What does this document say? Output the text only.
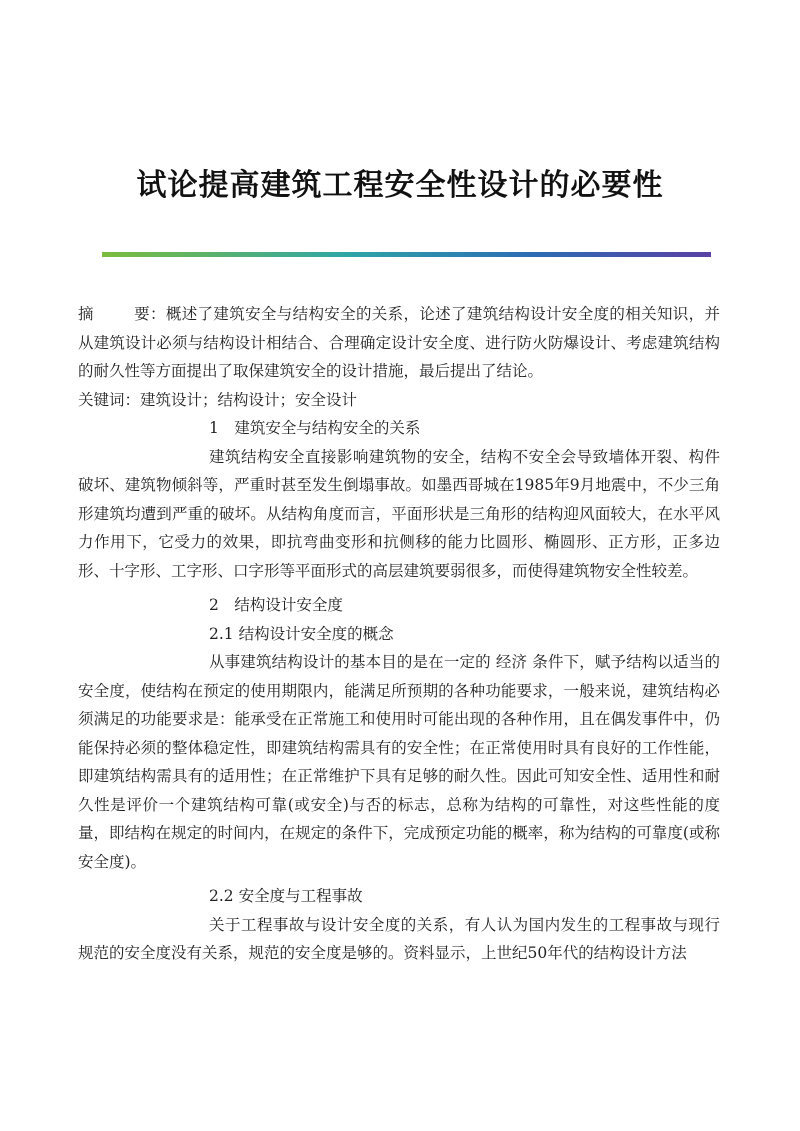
试论提高建筑工程安全性设计的必要性

摘	要：概述了建筑安全与结构安全的关系，论述了建筑结构设计安全度的相关知识，并从建筑设计必须与结构设计相结合、合理确定设计安全度、进行防火防爆设计、考虑建筑结构的耐久性等方面提出了取保建筑安全的设计措施，最后提出了结论。

关键词：建筑设计；结构设计；安全设计

1　建筑安全与结构安全的关系

建筑结构安全直接影响建筑物的安全，结构不安全会导致墙体开裂、构件破坏、建筑物倾斜等，严重时甚至发生倒塌事故。如墨西哥城在1985年9月地震中，不少三角形建筑均遭到严重的破坏。从结构角度而言，平面形状是三角形的结构迎风面较大，在水平风力作用下，它受力的效果，即抗弯曲变形和抗侧移的能力比圆形、椭圆形、正方形，正多边形、十字形、工字形、口字形等平面形式的高层建筑要弱很多，而使得建筑物安全性较差。

2　结构设计安全度

2.1 结构设计安全度的概念

从事建筑结构设计的基本目的是在一定的 经济 条件下，赋予结构以适当的安全度，使结构在预定的使用期限内，能满足所预期的各种功能要求，一般来说，建筑结构必须满足的功能要求是：能承受在正常施工和使用时可能出现的各种作用，且在偶发事件中，仍能保持必须的整体稳定性，即建筑结构需具有的安全性；在正常使用时具有良好的工作性能，即建筑结构需具有的适用性；在正常维护下具有足够的耐久性。因此可知安全性、适用性和耐久性是评价一个建筑结构可靠(或安全)与否的标志，总称为结构的可靠性，对这些性能的度量，即结构在规定的时间内，在规定的条件下，完成预定功能的概率，称为结构的可靠度(或称安全度)。

2.2 安全度与工程事故

关于工程事故与设计安全度的关系，有人认为国内发生的工程事故与现行规范的安全度没有关系，规范的安全度是够的。资料显示，上世纪50年代的结构设计方法
